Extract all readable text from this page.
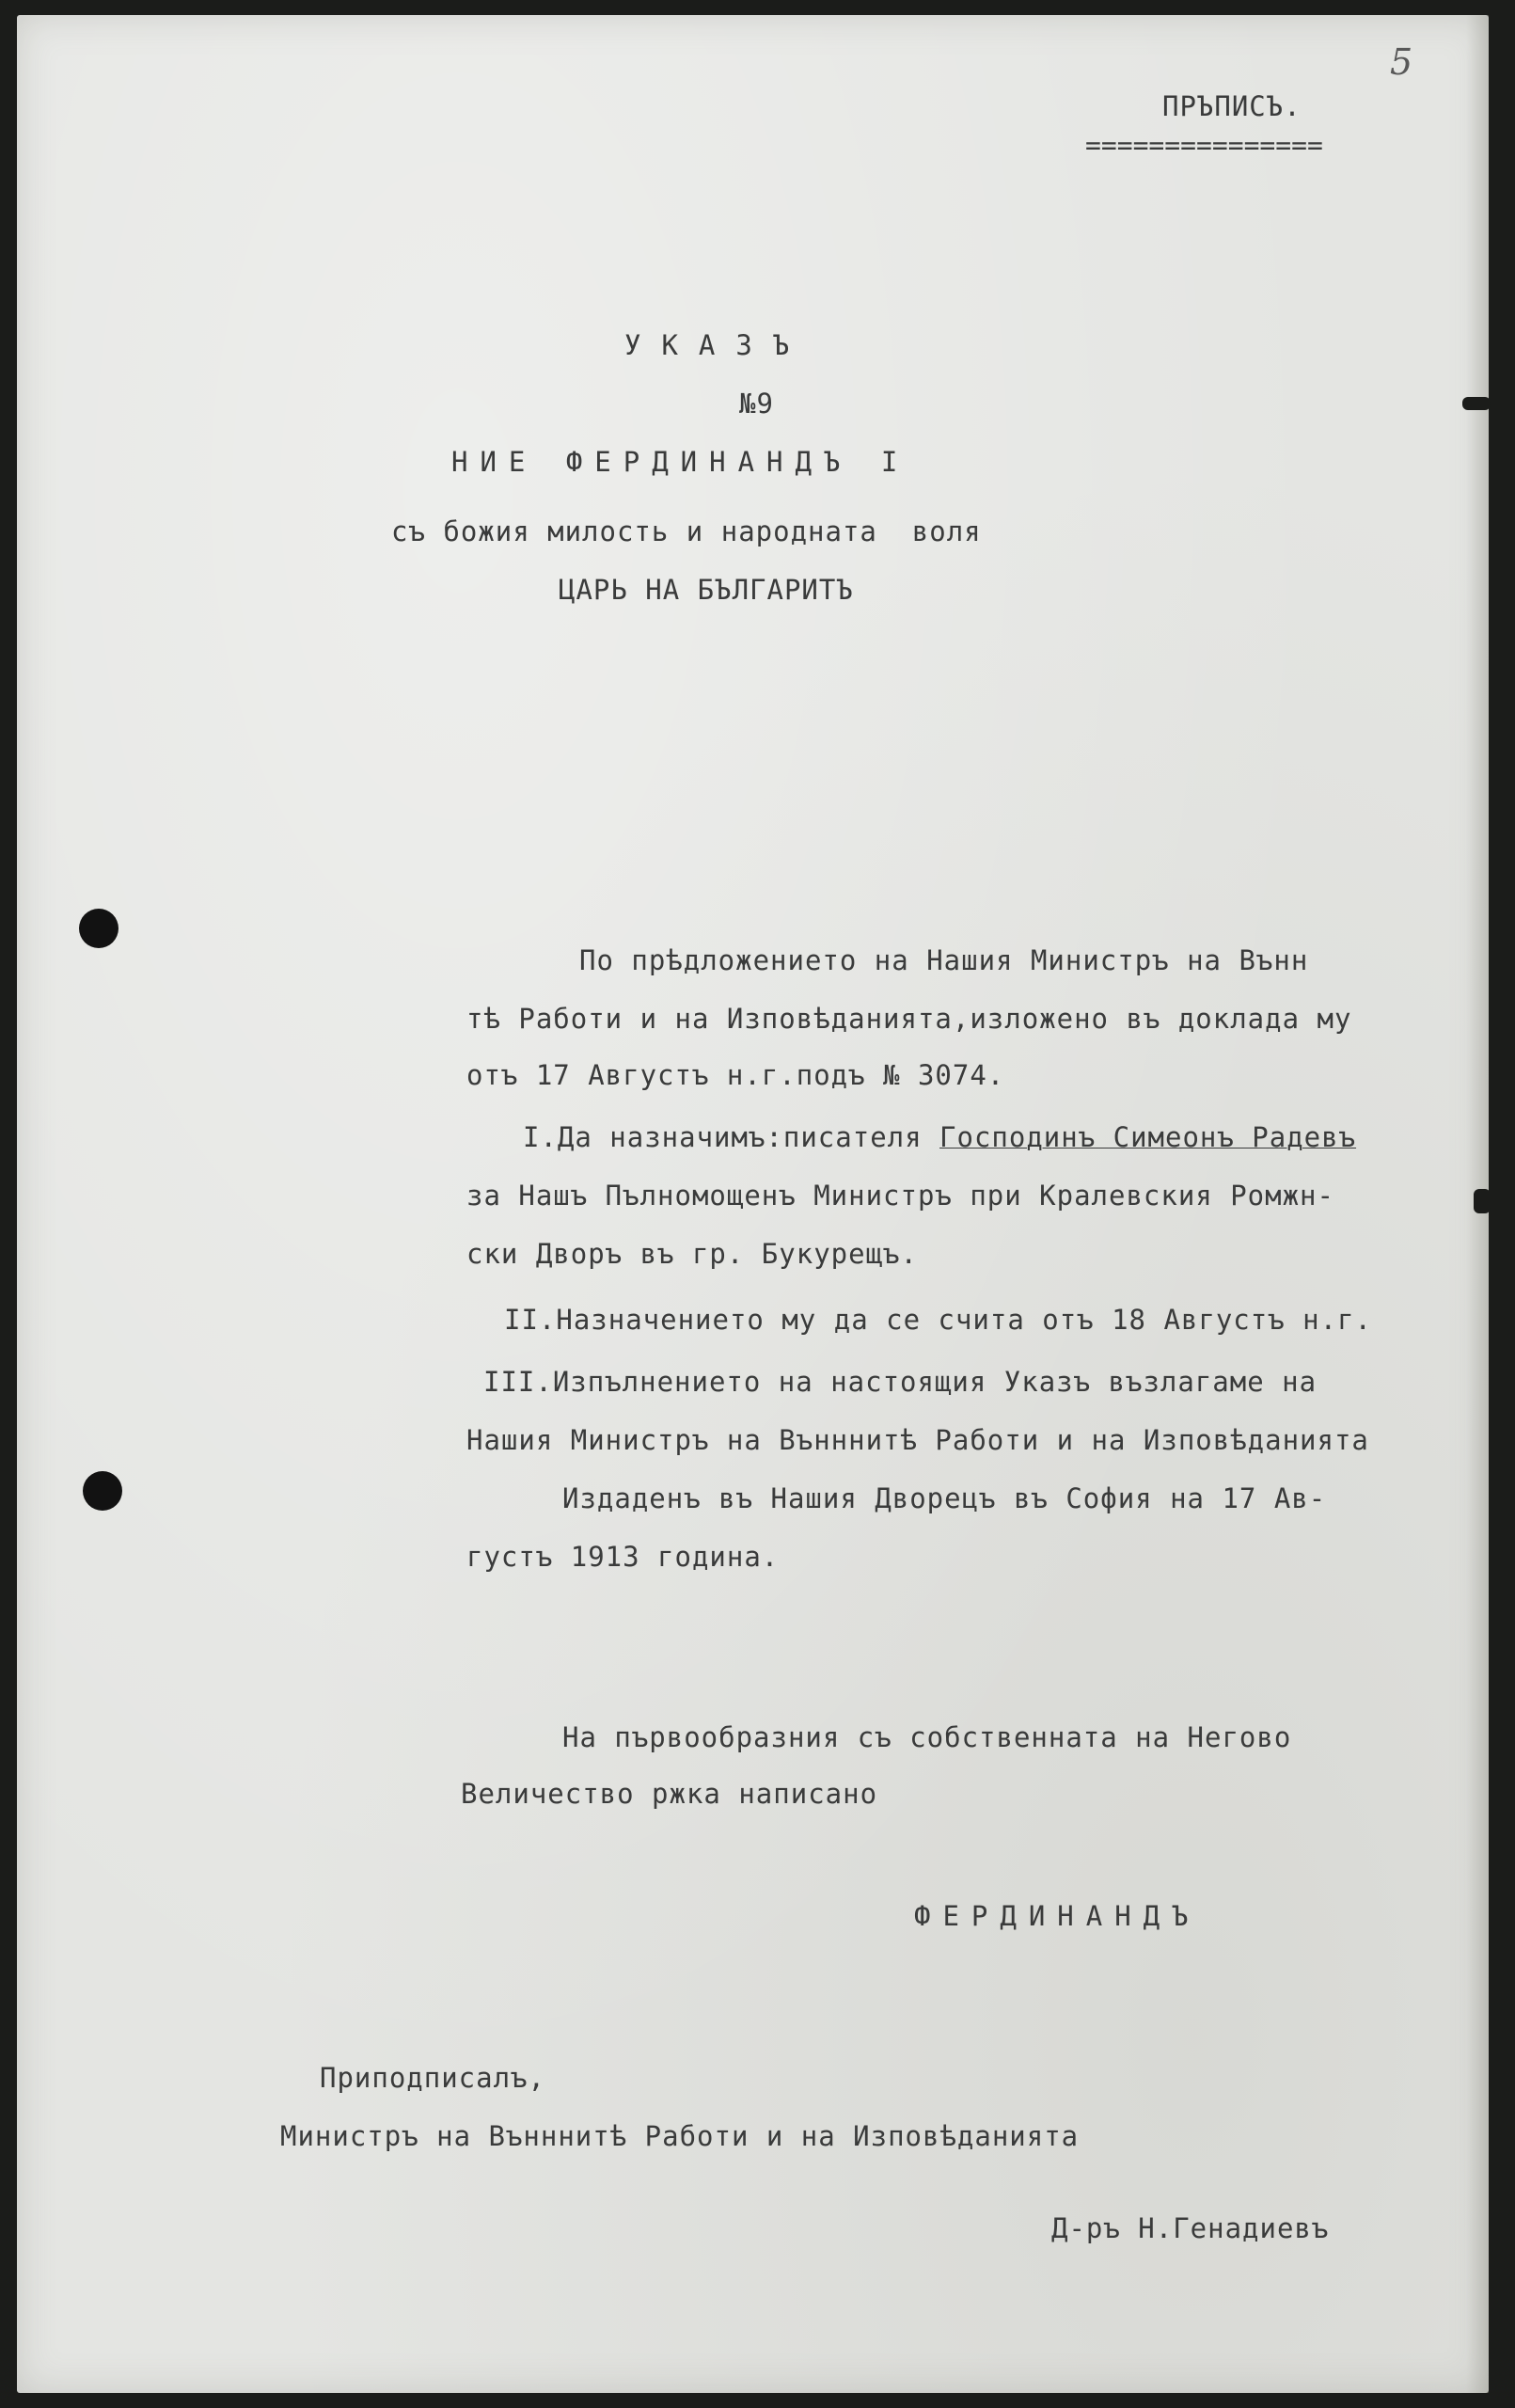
5
ПРЪПИСЪ.
===============
УКАЗЪ
№9
НИЕ ФЕРДИНАНДЪ I
съ божия милость и народната  воля
ЦАРЬ НА БЪЛГАРИТЪ
По прѣдложението на Нашия Министръ на Вънн
тѣ Работи и на Изповѣданията,изложено въ доклада му
отъ 17 Августъ н.г.подъ № 3074.
I.Да назначимъ:писателя Господинъ Симеонъ Радевъ
за Нашъ Пълномощенъ Министръ при Кралевския Ромжн-
ски Дворъ въ гр. Букурещъ.
II.Назначението му да се счита отъ 18 Августъ н.г.
III.Изпълнението на настоящия Указъ възлагаме на
Нашия Министръ на Вънннитѣ Работи и на Изповѣданията
Издаденъ въ Нашия Дворецъ въ София на 17 Ав-
густъ 1913 година.
На първообразния съ собственната на Негово
Величество ржка написано
ФЕРДИНАНДЪ
Приподписалъ,
Министръ на Вънннитѣ Работи и на Изповѣданията
Д-ръ Н.Генадиевъ
